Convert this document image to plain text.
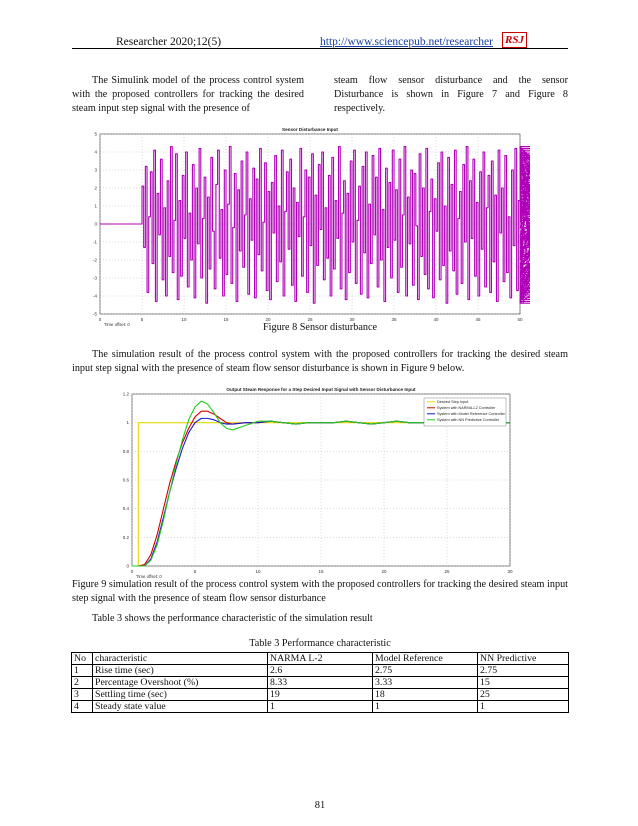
Researcher 2020;12(5)	http://www.sciencepub.net/researcher RSJ

The Simulink model of the process control system with the proposed controllers for tracking the desired steam input step signal with the presence of

steam flow sensor disturbance and the sensor Disturbance is shown in Figure 7 and Figure 8 respectively.

0	5	10	15	20	25	30	35	40	45	50
5
4
3
2
1
0
-1
-2
-3
-4
-5
Sensor Disturbance Input
Time offset: 0	Figure 8 Sensor disturbance
The simulation result of the process control system with the proposed controllers for tracking the desired steam input step signal with the presence of steam flow sensor disturbance is shown in Figure 9 below.
0	5	10	15	20	25	30
1.2
1
0.8
0.6
0.4
0.2
0
Output Steam Response for a Step Desired Input Signal with Sensor Disturbance Input
Time offset: 0
Desired Step Input
System with NARMA-L2 Controller
System with Model Reference Controller
System with NN Predictive Controller
Figure 9 simulation result of the process control system with the proposed controllers for tracking the desired steam input step signal with the presence of steam flow sensor disturbance
Table 3 shows the performance characteristic of the simulation result
Table 3 Performance characteristic
No	characteristic	NARMA L-2	Model Reference	NN Predictive
1	Rise time (sec)	2.6	2.75	2.75
2	Percentage Overshoot (%)	8.33	3.33	15
3	Settling time (sec)	19	18	25
4	Steady state value	1	1	1
81
